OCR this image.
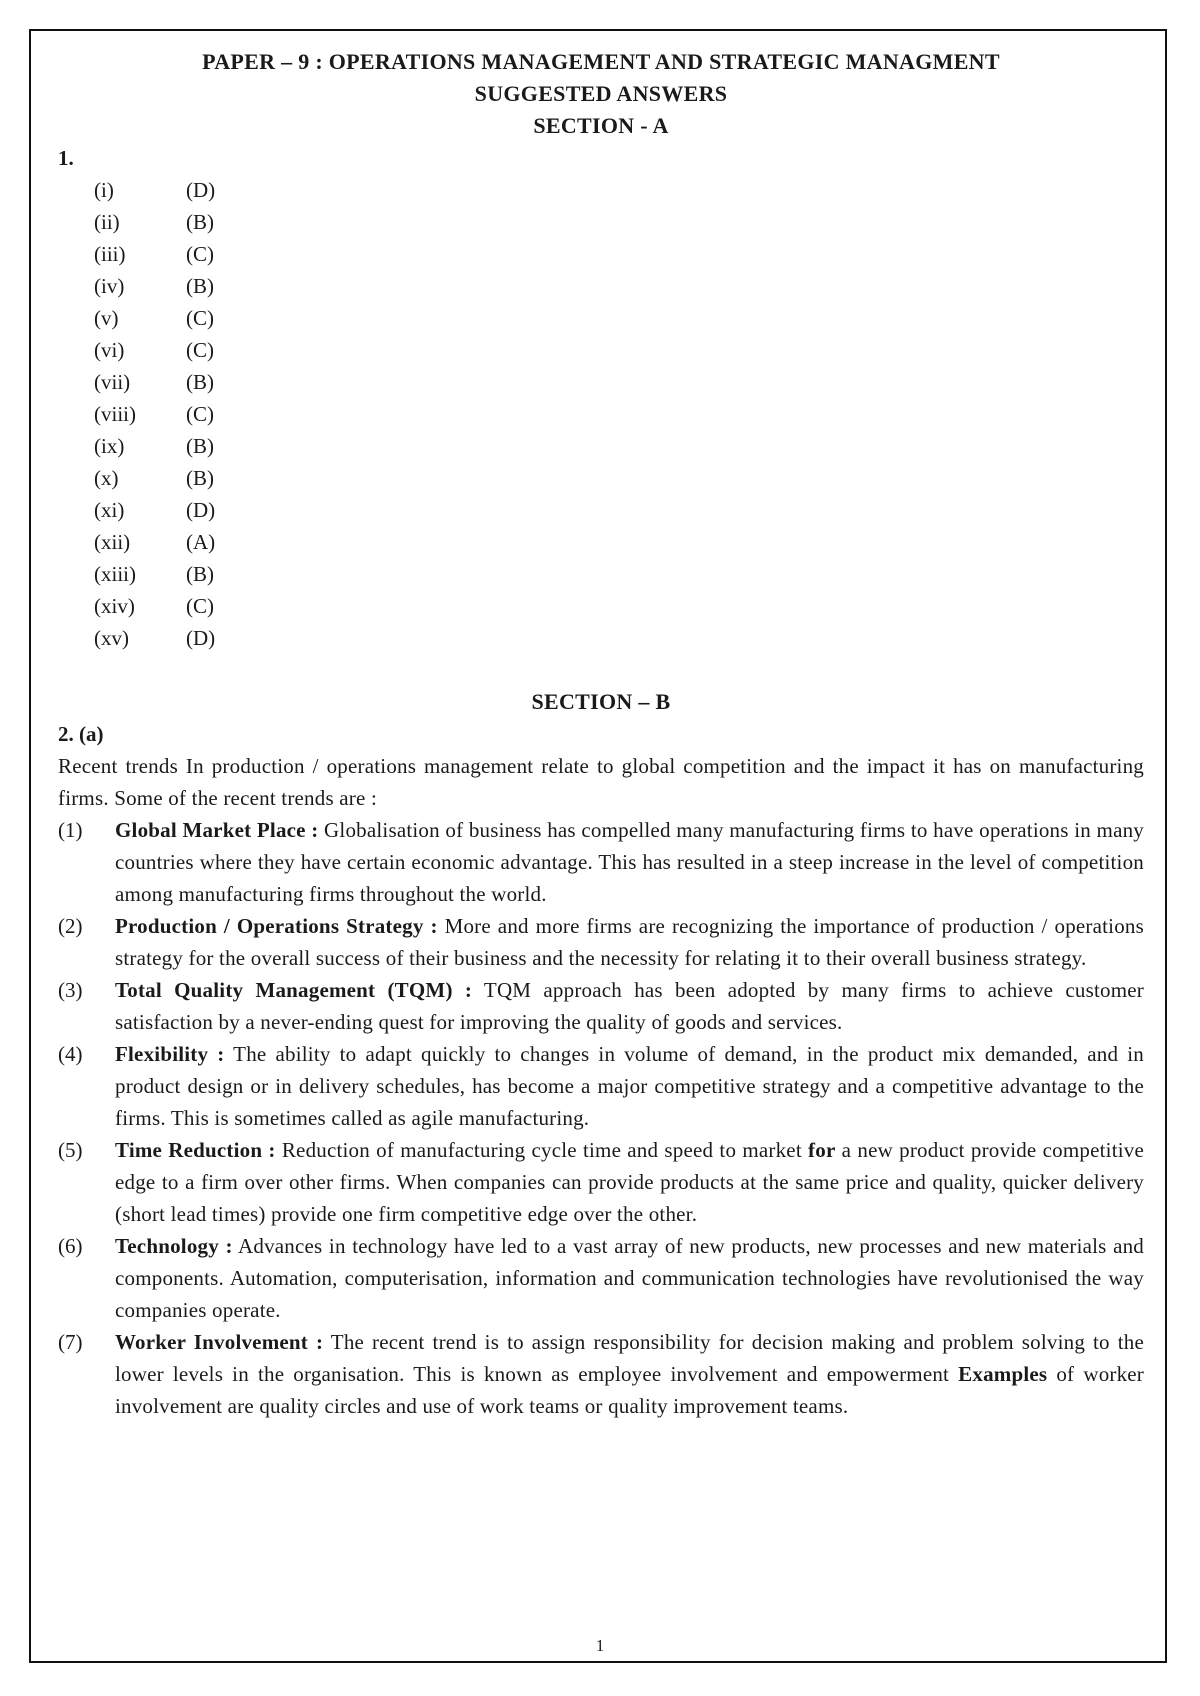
PAPER – 9 : OPERATIONS MANAGEMENT AND STRATEGIC MANAGMENT
SUGGESTED ANSWERS
SECTION - A
1.
(i)	(D)
(ii)	(B)
(iii)	(C)
(iv)	(B)
(v)	(C)
(vi)	(C)
(vii)	(B)
(viii)	(C)
(ix)	(B)
(x)	(B)
(xi)	(D)
(xii)	(A)
(xiii)	(B)
(xiv)	(C)
(xv)	(D)
SECTION – B
2. (a)
Recent trends In production / operations management relate to global competition and the impact it has on manufacturing firms. Some of the recent trends are :
(1)	Global Market Place : Globalisation of business has compelled many manufacturing firms to have operations in many countries where they have certain economic advantage. This has resulted in a steep increase in the level of competition among manufacturing firms throughout the world.
(2)	Production / Operations Strategy : More and more firms are recognizing the importance of production / operations strategy for the overall success of their business and the necessity for relating it to their overall business strategy.
(3)	Total Quality Management (TQM) : TQM approach has been adopted by many firms to achieve customer satisfaction by a never-ending quest for improving the quality of goods and services.
(4)	Flexibility : The ability to adapt quickly to changes in volume of demand, in the product mix demanded, and in product design or in delivery schedules, has become a major competitive strategy and a competitive advantage to the firms. This is sometimes called as agile manufacturing.
(5)	Time Reduction : Reduction of manufacturing cycle time and speed to market for a new product provide competitive edge to a firm over other firms. When companies can provide products at the same price and quality, quicker delivery (short lead times) provide one firm competitive edge over the other.
(6)	Technology : Advances in technology have led to a vast array of new products, new processes and new materials and components. Automation, computerisation, information and communication technologies have revolutionised the way companies operate.
(7)	Worker Involvement : The recent trend is to assign responsibility for decision making and problem solving to the lower levels in the organisation. This is known as employee involvement and empowerment Examples of worker involvement are quality circles and use of work teams or quality improvement teams.
1
